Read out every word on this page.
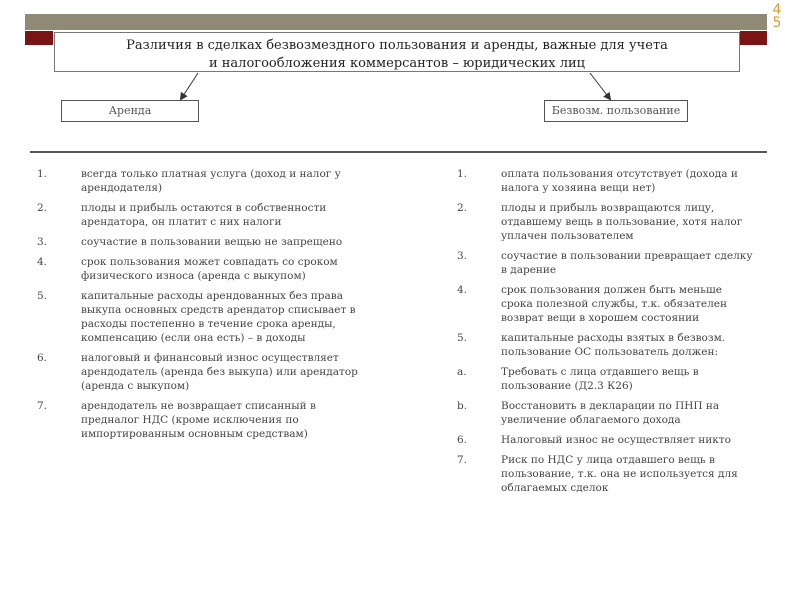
4 5
Различия в сделках безвозмездного пользования и аренды, важные для учета
и налогообложения коммерсантов – юридических лиц
Аренда	Безвозм. пользование
1.	всегда только платная услуга (доход и налог у арендодателя)
2.	плоды и прибыль остаются в собственности арендатора, он платит с них налоги
3.	соучастие в пользовании вещью не запрещено
4.	срок пользования может совпадать со сроком физического износа (аренда с выкупом)
5.	капитальные расходы арендованных без права выкупа основных средств арендатор списывает в расходы постепенно в течение срока аренды, компенсацию (если она есть) – в доходы
6.	налоговый и финансовый износ осуществляет арендодатель (аренда без выкупа) или арендатор (аренда с выкупом)
7.	арендодатель не возвращает списанный в предналог НДС (кроме исключения по импортированным основным средствам)
1.	оплата пользования отсутствует (дохода и налога у хозяина вещи нет)
2.	плоды и прибыль возвращаются лицу, отдавшему вещь в пользование, хотя налог уплачен пользователем
3.	соучастие в пользовании превращает сделку в дарение
4.	срок пользования должен быть меньше срока полезной службы, т.к. обязателен возврат вещи в хорошем состоянии
5.	капитальные расходы взятых в безвозм. пользование ОС пользователь должен:
a.	Требовать с лица отдавшего вещь в пользование (Д2.3 К26)
b.	Восстановить в декларации по ПНП на увеличение облагаемого дохода
6.	Налоговый износ не осуществляет никто
7.	Риск по НДС у лица отдавшего вещь в пользование, т.к. она не используется для облагаемых сделок
